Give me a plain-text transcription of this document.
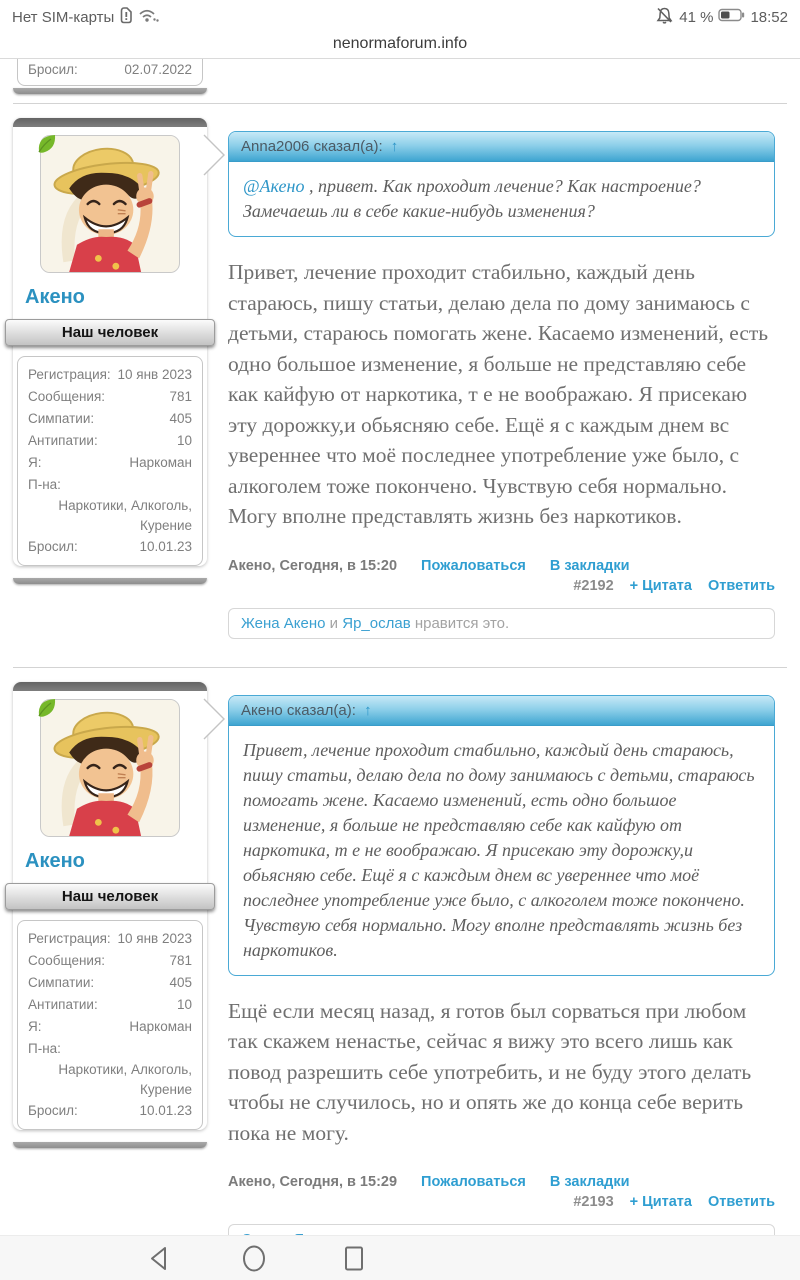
Нет SIM-карты	41 % 18:52
nenormaforum.info
Бросил:	02.07.2022
Акено
Наш человек
Регистрация: 10 янв 2023
Сообщения:	781
Симпатии:	405
Антипатии:	10
Я:	Наркоман
П-на:
Наркотики, Алкоголь, Курение
Бросил:	10.01.23
Anna2006 сказал(а): ↑
@Акено , привет. Как проходит лечение? Как настроение? Замечаешь ли в себе какие-нибудь изменения?
Привет, лечение проходит стабильно, каждый день стараюсь, пишу статьи, делаю дела по дому занимаюсь с детьми, стараюсь помогать жене. Касаемо изменений, есть одно большое изменение, я больше не представляю себе как кайфую от наркотика, т е не воображаю. Я присекаю эту дорожку,и обьясняю себе. Ещё я с каждым днем вс увереннее что моё последнее употребление уже было, с алкоголем тоже покончено. Чувствую себя нормально. Могу вполне представлять жизнь без наркотиков.
Акено, Сегодня, в 15:20 Пожаловаться В закладки
#2192 + Цитата Ответить
Жена Акено и Яр_ослав нравится это.
Акено
Наш человек
Регистрация: 10 янв 2023
Сообщения:	781
Симпатии:	405
Антипатии:	10
Я:	Наркоман
П-на:
Наркотики, Алкоголь, Курение
Бросил:	10.01.23
Акено сказал(а): ↑
Привет, лечение проходит стабильно, каждый день стараюсь, пишу статьи, делаю дела по дому занимаюсь с детьми, стараюсь помогать жене. Касаемо изменений, есть одно большое изменение, я больше не представляю себе как кайфую от наркотика, т е не воображаю. Я присекаю эту дорожку,и обьясняю себе. Ещё я с каждым днем вс увереннее что моё последнее употребление уже было, с алкоголем тоже покончено. Чувствую себя нормально. Могу вполне представлять жизнь без наркотиков.
Ещё если месяц назад, я готов был сорваться при любом так скажем ненастье, сейчас я вижу это всего лишь как повод разрешить себе употребить, и не буду этого делать чтобы не случилось, но и опять же до конца себе верить пока не могу.
Акено, Сегодня, в 15:29 Пожаловаться В закладки
#2193 + Цитата Ответить
